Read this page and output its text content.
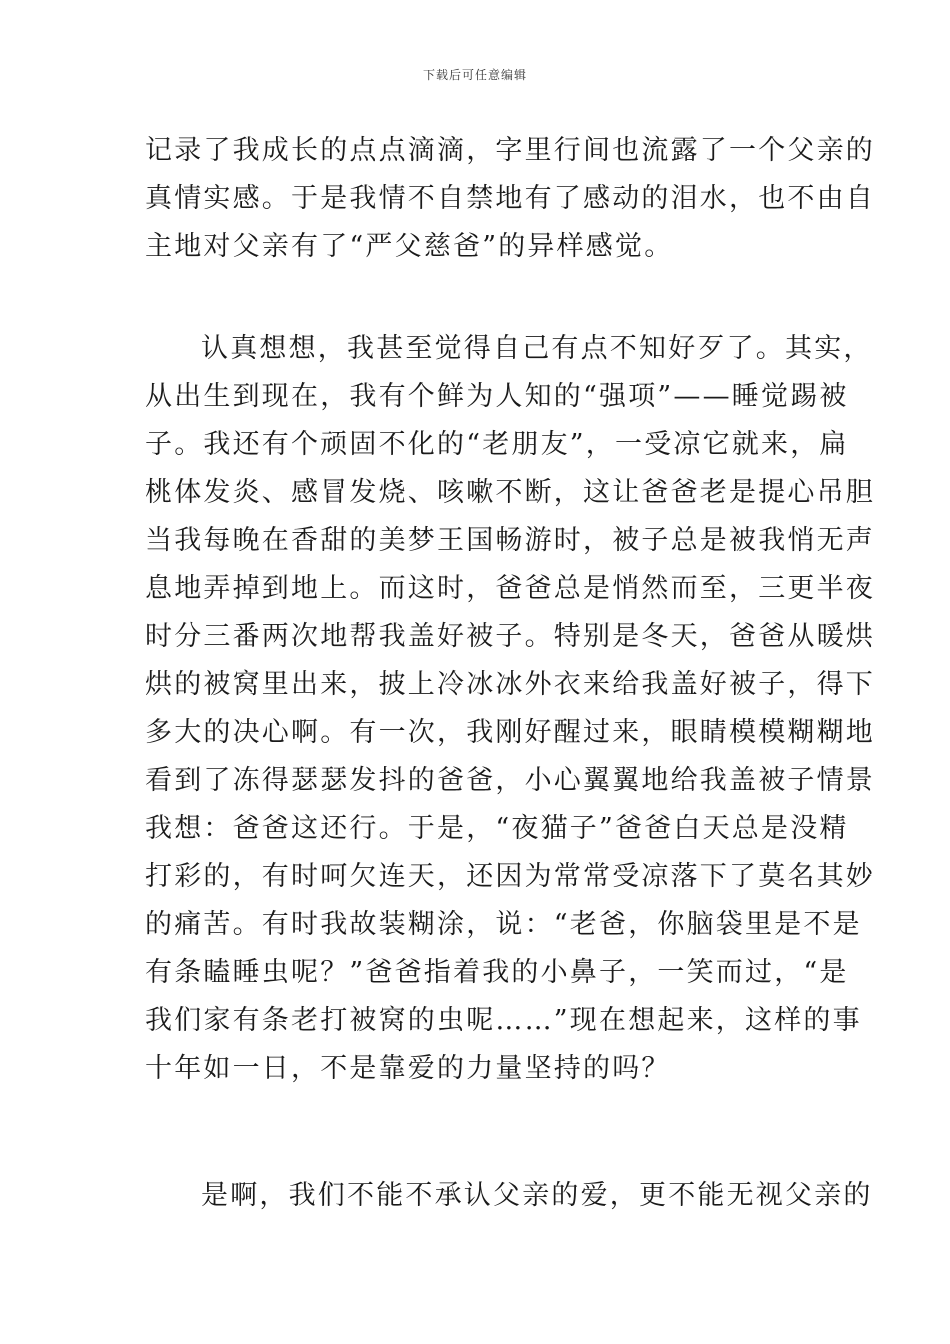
下载后可任意编辑
记录了我成长的点点滴滴，字里行间也流露了一个父亲的
真情实感。于是我情不自禁地有了感动的泪水，也不由自
主地对父亲有了“严父慈爸”的异样感觉。
认真想想，我甚至觉得自己有点不知好歹了。其实，
从出生到现在，我有个鲜为人知的“强项”——睡觉踢被
子。我还有个顽固不化的“老朋友”，一受凉它就来，扁
桃体发炎、感冒发烧、咳嗽不断，这让爸爸老是提心吊胆
当我每晚在香甜的美梦王国畅游时，被子总是被我悄无声
息地弄掉到地上。而这时，爸爸总是悄然而至，三更半夜
时分三番两次地帮我盖好被子。特别是冬天，爸爸从暖烘
烘的被窝里出来，披上冷冰冰外衣来给我盖好被子，得下
多大的决心啊。有一次，我刚好醒过来，眼睛模模糊糊地
看到了冻得瑟瑟发抖的爸爸，小心翼翼地给我盖被子情景
我想：爸爸这还行。于是，“夜猫子”爸爸白天总是没精
打彩的，有时呵欠连天，还因为常常受凉落下了莫名其妙
的痛苦。有时我故装糊涂，说：“老爸，你脑袋里是不是
有条瞌睡虫呢？”爸爸指着我的小鼻子，一笑而过，“是
我们家有条老打被窝的虫呢……”现在想起来，这样的事
十年如一日，不是靠爱的力量坚持的吗？
是啊，我们不能不承认父亲的爱，更不能无视父亲的
